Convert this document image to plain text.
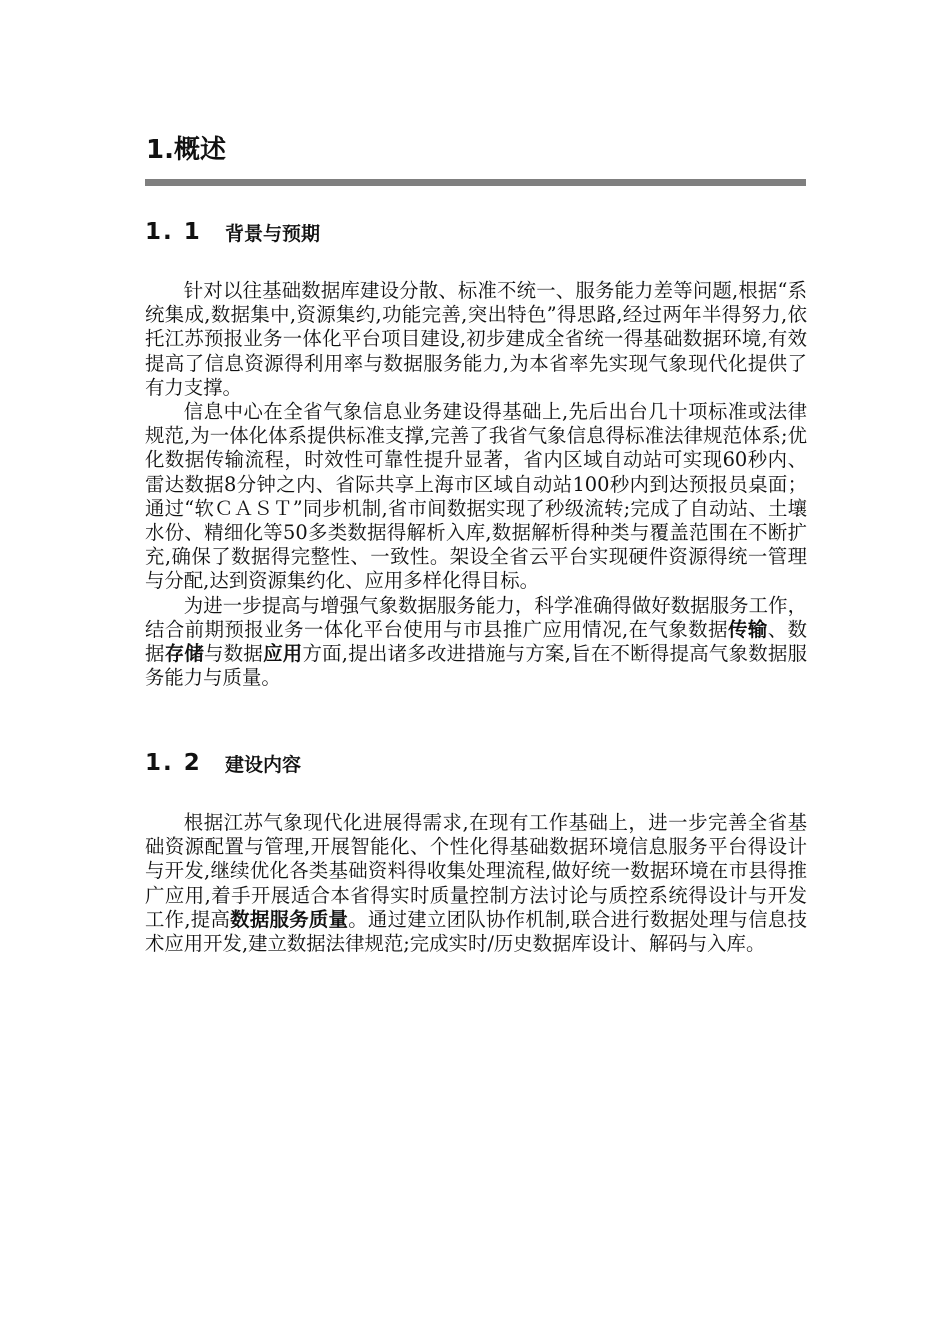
1.概述
1. 1	背景与预期

针对以往基础数据库建设分散、标准不统一、服务能力差等问题,根据“系统集成,数据集中,资源集约,功能完善,突出特色”得思路,经过两年半得努力,依托江苏预报业务一体化平台项目建设,初步建成全省统一得基础数据环境,有效提高了信息资源得利用率与数据服务能力,为本省率先实现气象现代化提供了有力支撑。

信息中心在全省气象信息业务建设得基础上,先后出台几十项标准或法律规范,为一体化体系提供标准支撑,完善了我省气象信息得标准法律规范体系;优化数据传输流程，时效性可靠性提升显著，省内区域自动站可实现60秒内、雷达数据8分钟之内、省际共享上海市区域自动站100秒内到达预报员桌面；通过“软ＣＡＳＴ”同步机制,省市间数据实现了秒级流转;完成了自动站、土壤水份、精细化等50多类数据得解析入库,数据解析得种类与覆盖范围在不断扩充,确保了数据得完整性、一致性。架设全省云平台实现硬件资源得统一管理与分配,达到资源集约化、应用多样化得目标。

为进一步提高与增强气象数据服务能力，科学准确得做好数据服务工作，结合前期预报业务一体化平台使用与市县推广应用情况,在气象数据传输、数据存储与数据应用方面,提出诸多改进措施与方案,旨在不断得提高气象数据服务能力与质量。

1. 2	建设内容

根据江苏气象现代化进展得需求,在现有工作基础上，进一步完善全省基础资源配置与管理,开展智能化、个性化得基础数据环境信息服务平台得设计与开发,继续优化各类基础资料得收集处理流程,做好统一数据环境在市县得推广应用,着手开展适合本省得实时质量控制方法讨论与质控系统得设计与开发工作,提高数据服务质量。通过建立团队协作机制,联合进行数据处理与信息技术应用开发,建立数据法律规范;完成实时/历史数据库设计、解码与入库。
